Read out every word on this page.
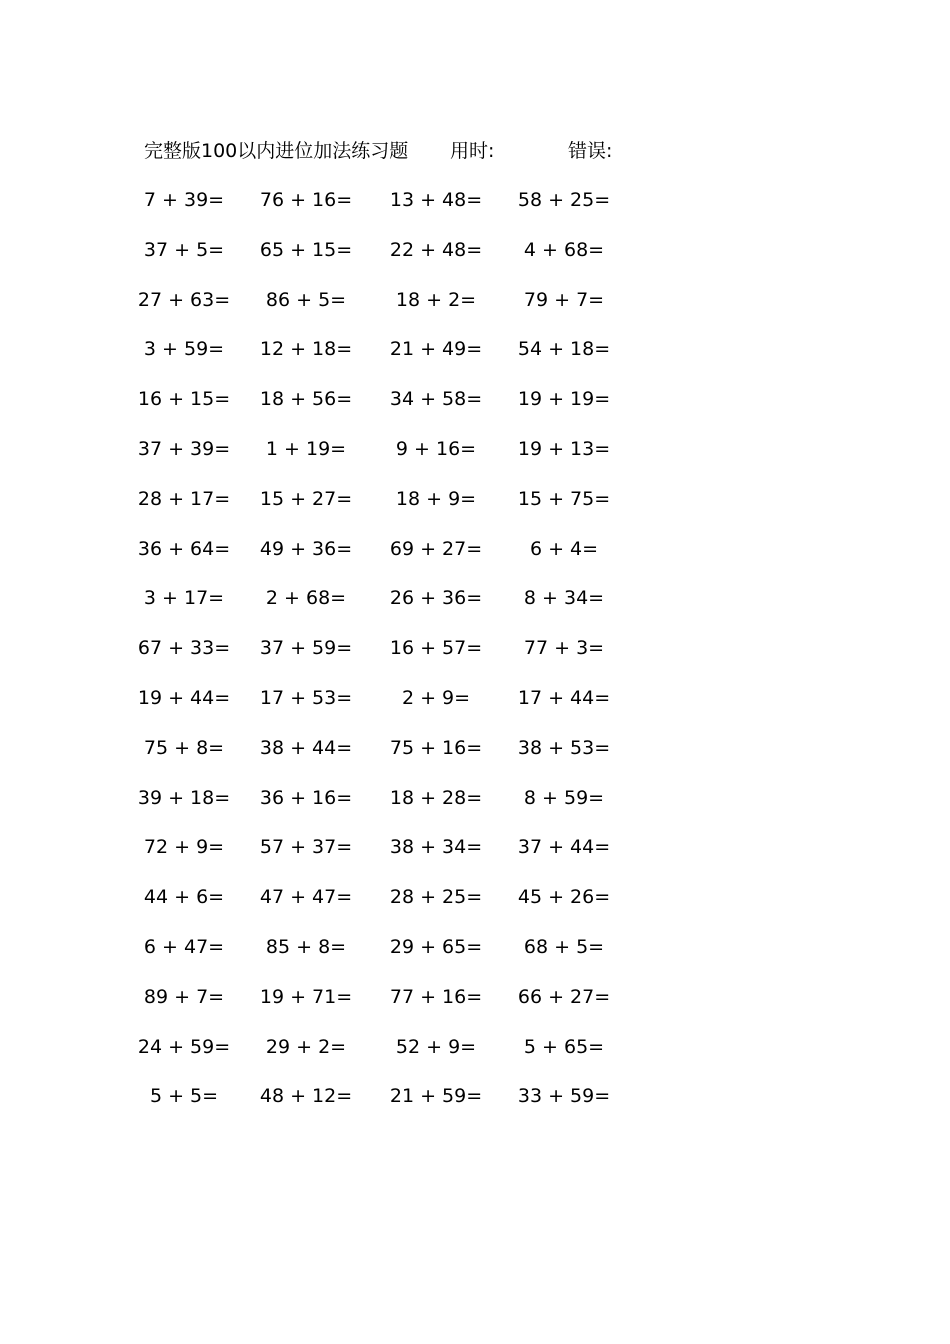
完整版100以内进位加法练习题 用时:	错误:
7 + 39=	76 + 16=	13 + 48=	58 + 25=
37 + 5=	65 + 15=	22 + 48=	4 + 68=
27 + 63=	86 + 5=	18 + 2=	79 + 7=
3 + 59=	12 + 18=	21 + 49=	54 + 18=
16 + 15=	18 + 56=	34 + 58=	19 + 19=
37 + 39=	1 + 19=	9 + 16=	19 + 13=
28 + 17=	15 + 27=	18 + 9=	15 + 75=
36 + 64=	49 + 36=	69 + 27=	6 + 4=
3 + 17=	2 + 68=	26 + 36=	8 + 34=
67 + 33=	37 + 59=	16 + 57=	77 + 3=
19 + 44=	17 + 53=	2 + 9=	17 + 44=
75 + 8=	38 + 44=	75 + 16=	38 + 53=
39 + 18=	36 + 16=	18 + 28=	8 + 59=
72 + 9=	57 + 37=	38 + 34=	37 + 44=
44 + 6=	47 + 47=	28 + 25=	45 + 26=
6 + 47=	85 + 8=	29 + 65=	68 + 5=
89 + 7=	19 + 71=	77 + 16=	66 + 27=
24 + 59=	29 + 2=	52 + 9=	5 + 65=
5 + 5=	48 + 12=	21 + 59=	33 + 59=
